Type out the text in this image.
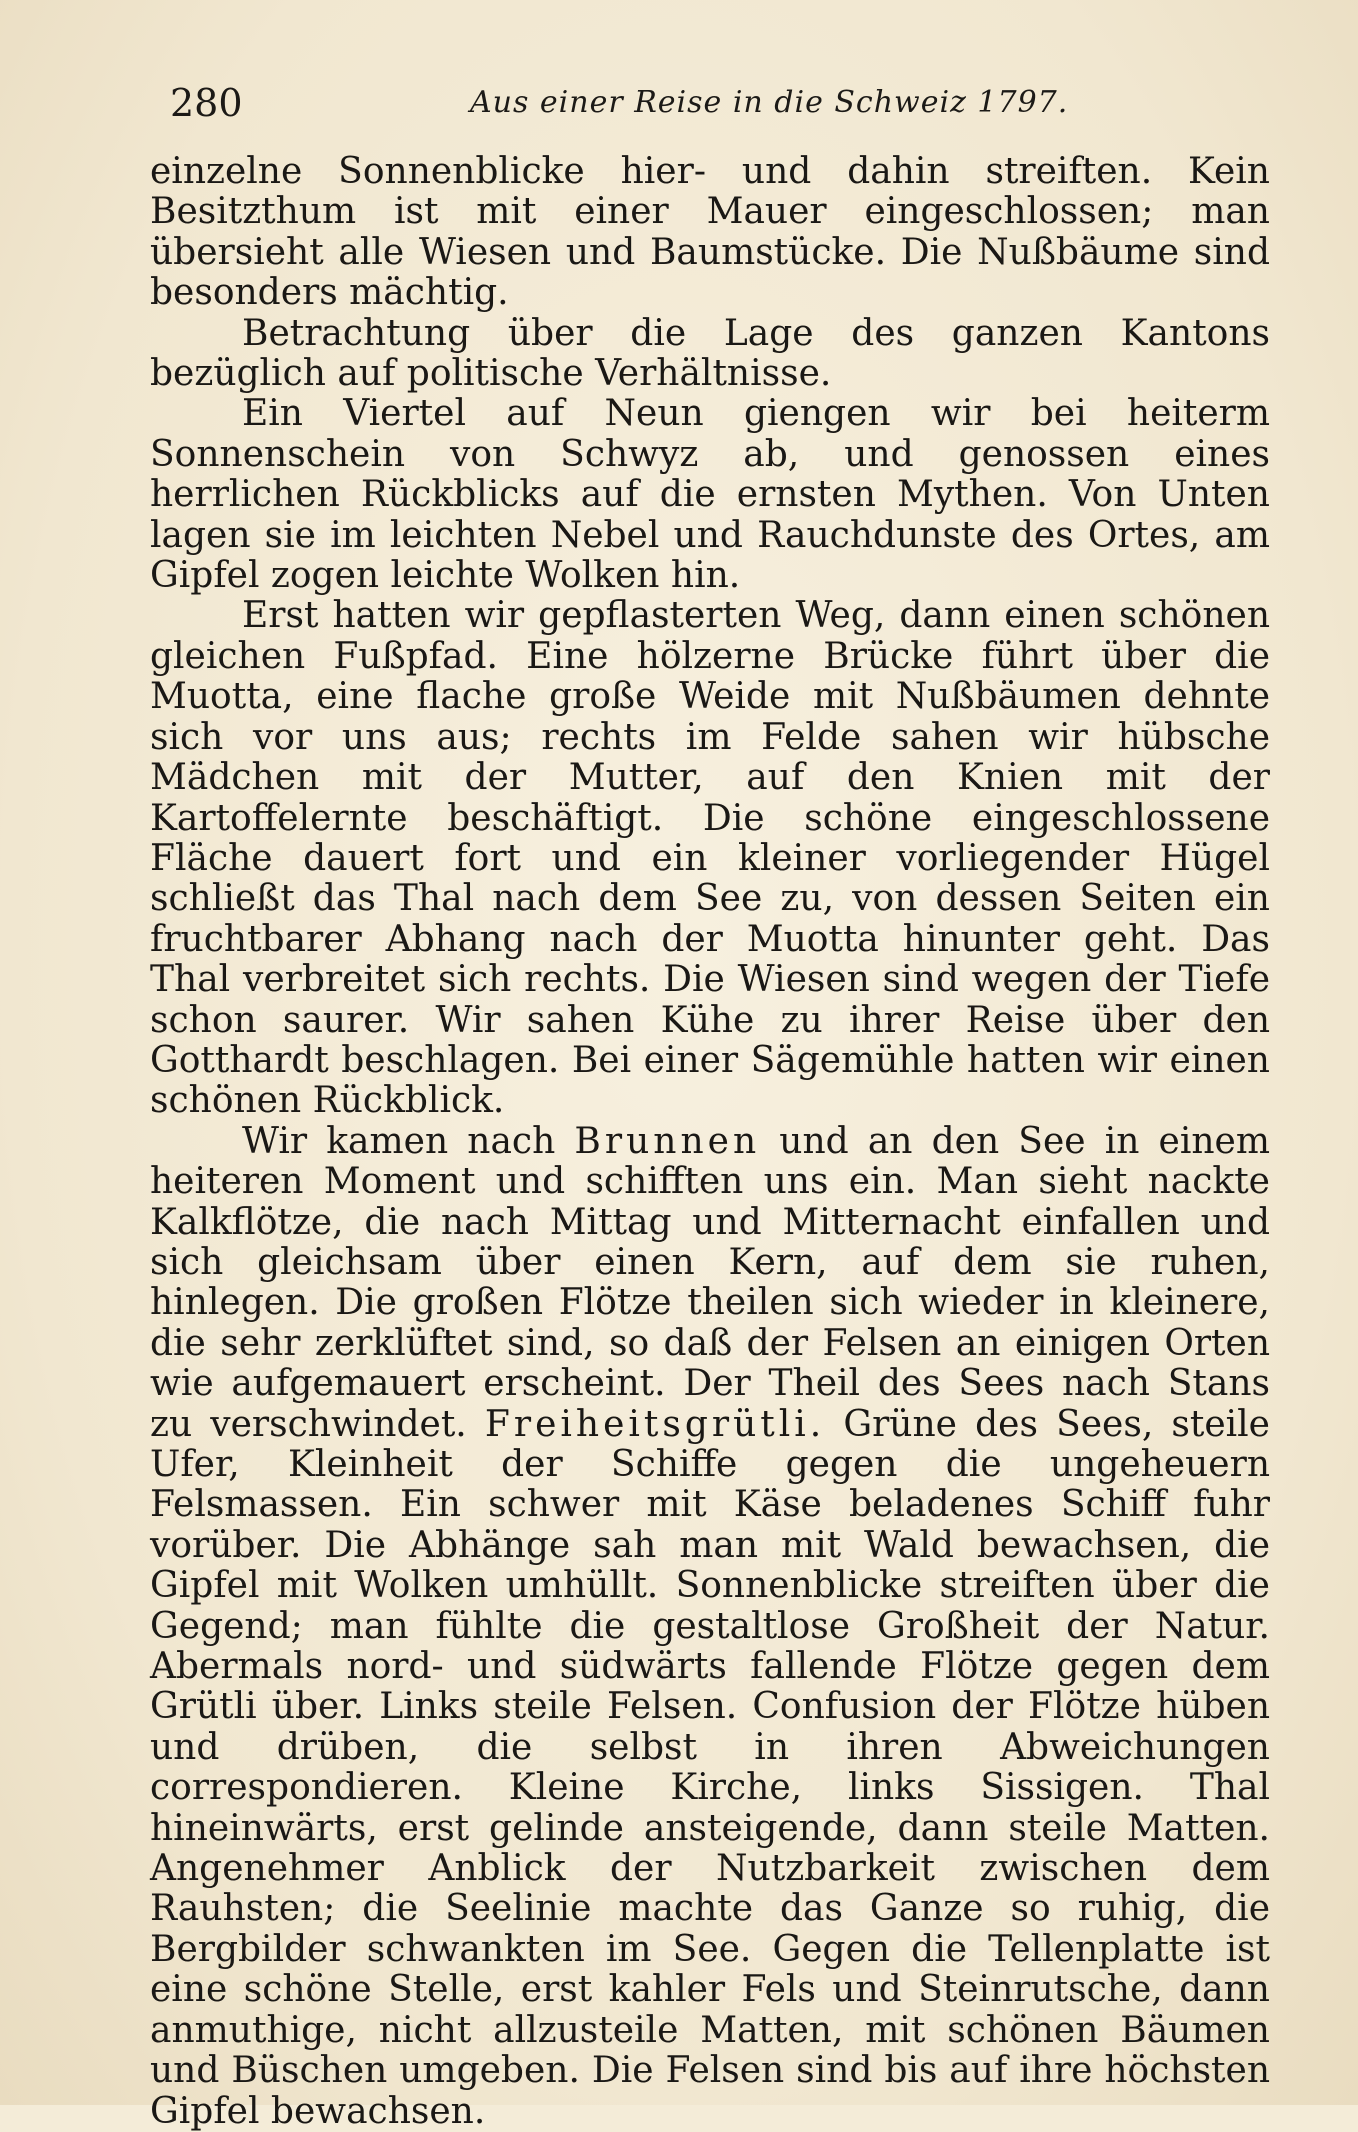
280	Aus einer Reise in die Schweiz 1797.

einzelne Sonnenblicke hier- und dahin streiften. Kein Besitzthum ist mit einer Mauer eingeschlossen; man übersieht alle Wiesen und Baumstücke. Die Nußbäume sind besonders mächtig.

Betrachtung über die Lage des ganzen Kantons bezüglich auf politische Verhältnisse.

Ein Viertel auf Neun giengen wir bei heiterm Sonnenschein von Schwyz ab, und genossen eines herrlichen Rückblicks auf die ernsten Mythen. Von Unten lagen sie im leichten Nebel und Rauchdunste des Ortes, am Gipfel zogen leichte Wolken hin.

Erst hatten wir gepflasterten Weg, dann einen schönen gleichen Fußpfad. Eine hölzerne Brücke führt über die Muotta, eine flache große Weide mit Nußbäumen dehnte sich vor uns aus; rechts im Felde sahen wir hübsche Mädchen mit der Mutter, auf den Knien mit der Kartoffelernte beschäftigt. Die schöne eingeschlossene Fläche dauert fort und ein kleiner vorliegender Hügel schließt das Thal nach dem See zu, von dessen Seiten ein fruchtbarer Abhang nach der Muotta hinunter geht. Das Thal verbreitet sich rechts. Die Wiesen sind wegen der Tiefe schon saurer. Wir sahen Kühe zu ihrer Reise über den Gotthardt beschlagen. Bei einer Sägemühle hatten wir einen schönen Rückblick.

Wir kamen nach Brunnen und an den See in einem heiteren Moment und schifften uns ein. Man sieht nackte Kalkflötze, die nach Mittag und Mitternacht einfallen und sich gleichsam über einen Kern, auf dem sie ruhen, hinlegen. Die großen Flötze theilen sich wieder in kleinere, die sehr zerklüftet sind, so daß der Felsen an einigen Orten wie aufgemauert erscheint. Der Theil des Sees nach Stans zu verschwindet. Freiheitsgrütli. Grüne des Sees, steile Ufer, Kleinheit der Schiffe gegen die ungeheuern Felsmassen. Ein schwer mit Käse beladenes Schiff fuhr vorüber. Die Abhänge sah man mit Wald bewachsen, die Gipfel mit Wolken umhüllt. Sonnenblicke streiften über die Gegend; man fühlte die gestaltlose Großheit der Natur. Abermals nord- und südwärts fallende Flötze gegen dem Grütli über. Links steile Felsen. Confusion der Flötze hüben und drüben, die selbst in ihren Abweichungen correspondieren. Kleine Kirche, links Sissigen. Thal hineinwärts, erst gelinde ansteigende, dann steile Matten. Angenehmer Anblick der Nutzbarkeit zwischen dem Rauhsten; die Seelinie machte das Ganze so ruhig, die Bergbilder schwankten im See. Gegen die Tellenplatte ist eine schöne Stelle, erst kahler Fels und Steinrutsche, dann anmuthige, nicht allzusteile Matten, mit schönen Bäumen und Büschen umgeben. Die Felsen sind bis auf ihre höchsten Gipfel bewachsen.
